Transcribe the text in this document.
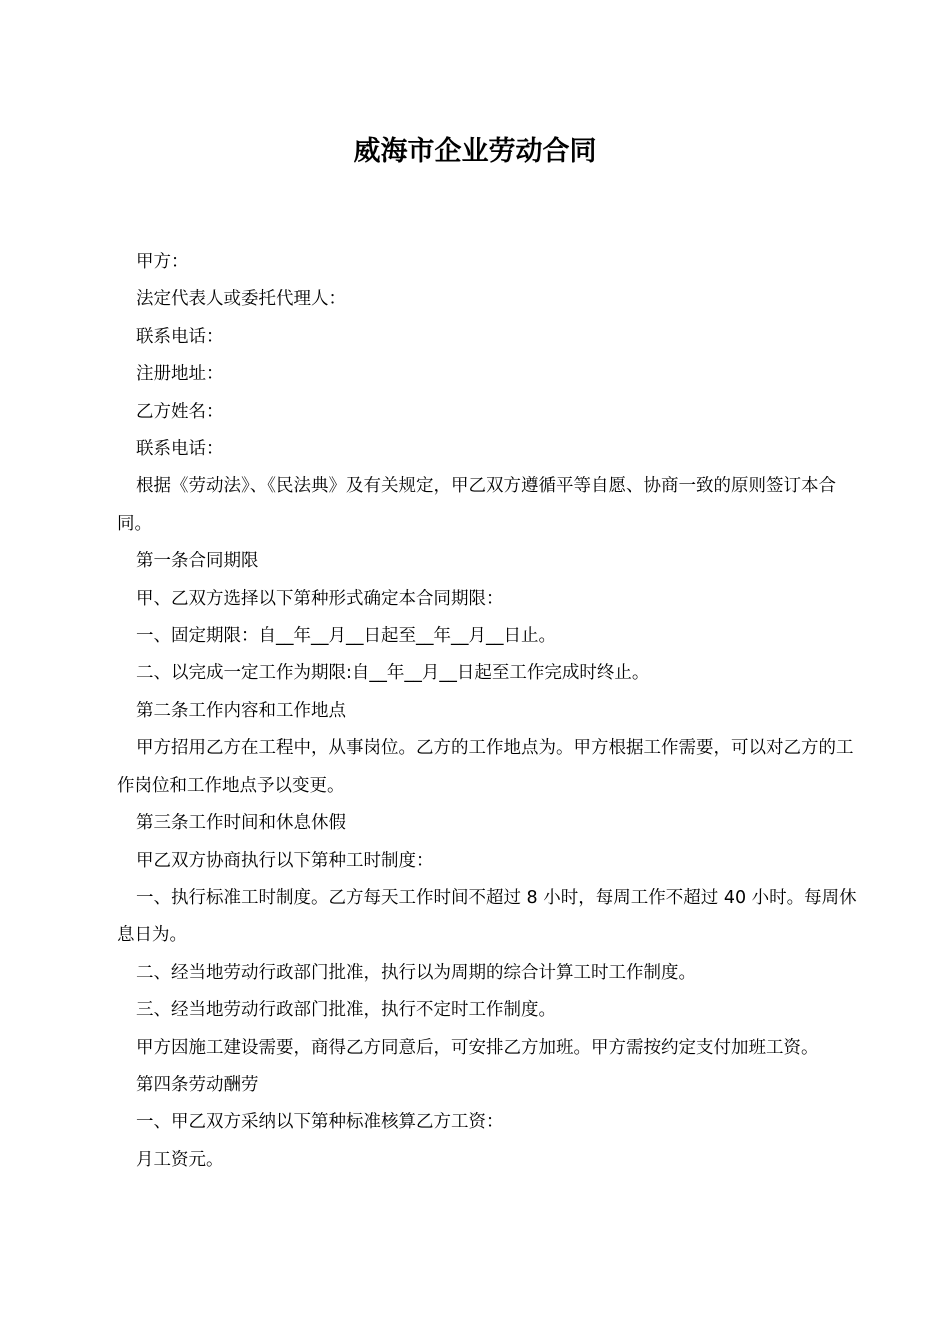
威海市企业劳动合同

甲方：

法定代表人或委托代理人：

联系电话：

注册地址：

乙方姓名：

联系电话：

根据《劳动法》、《民法典》及有关规定，甲乙双方遵循平等自愿、协商一致的原则签订本合同。

第一条合同期限

甲、乙双方选择以下第种形式确定本合同期限：

一、固定期限：自__年__月__日起至__年__月__日止。

二、以完成一定工作为期限:自__年__月__日起至工作完成时终止。

第二条工作内容和工作地点

甲方招用乙方在工程中，从事岗位。乙方的工作地点为。甲方根据工作需要，可以对乙方的工作岗位和工作地点予以变更。

第三条工作时间和休息休假

甲乙双方协商执行以下第种工时制度：

一、执行标准工时制度。乙方每天工作时间不超过 8 小时，每周工作不超过 40 小时。每周休息日为。

二、经当地劳动行政部门批准，执行以为周期的综合计算工时工作制度。

三、经当地劳动行政部门批准，执行不定时工作制度。

甲方因施工建设需要，商得乙方同意后，可安排乙方加班。甲方需按约定支付加班工资。

第四条劳动酬劳

一、甲乙双方采纳以下第种标准核算乙方工资：

月工资元。
